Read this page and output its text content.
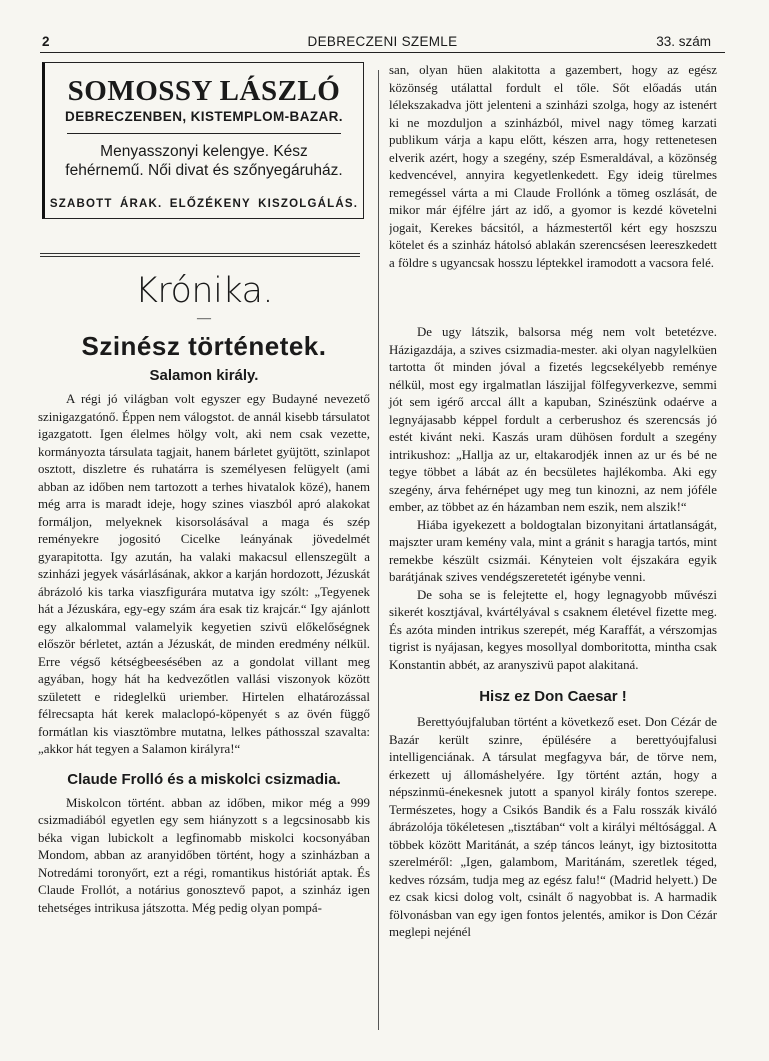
2	DEBRECZENI SZEMLE	33. szám
SOMOSSY LÁSZLÓ
DEBRECZENBEN, KISTEMPLOM-BAZAR.
Menyasszonyi kelengye. Kész fehérnemű. Női divat és szőnyegáruház.
SZABOTT ÁRAK. ELŐZÉKENY KISZOLGÁLÁS.
Krónika.
—
Szinész történetek.
Salamon király.

A régi jó világban volt egyszer egy Budayné nevezető szinigazgatónő. Éppen nem válogstot. de annál kisebb társulatot igazgatott. Igen élelmes hölgy volt, aki nem csak vezette, kormányozta társulata tagjait, hanem bárletet gyüjtött, szinlapot osztott, diszletre és ruhatárra is személyesen felügyelt (ami abban az időben nem tartozott a terhes hivatalok közé), hanem még arra is maradt ideje, hogy szines viaszból apró alakokat formáljon, melyeknek kisorsolásával a maga és szép reményekre jogositó Cicelke leányának jövedelmét gyarapitotta. Igy azután, ha valaki makacsul ellenszegült a szinházi jegyek vásárlásának, akkor a karján hordozott, Jézuskát ábrázoló kis tarka viaszfigurára mutatva igy szólt: „Tegyenek hát a Jézuskára, egy-egy szám ára esak tiz krajcár.“ Igy ajánlott egy alkalommal valamelyik kegyetien szivü előkelőségnek először bérletet, aztán a Jézuskát, de minden eredmény nélkül. Erre végső kétségbeesésében az a gondolat villant meg agyában, hogy hát ha kedvezőtlen vallási viszonyok között született e rideglelkü uriember. Hirtelen elhatározással félrecsapta hát kerek malaclopó-köpenyét s az övén függő formátlan kis viasztömbre mutatna, lelkes páthosszal szavalta: „akkor hát tegyen a Salamon királyra!“

Claude Frolló és a miskolci csizmadia.

Miskolcon történt. abban az időben, mikor még a 999 csizmadiából egyetlen egy sem hiányzott s a legcsinosabb kis béka vigan lubickolt a legfinomabb miskolci kocsonyában Mondom, abban az aranyidőben történt, hogy a szinházban a Notredámi toronyőrt, ezt a régi, romantikus históriát aptak. És Claude Frollót, a notárius gonosztevő papot, a szinház igen tehetséges intrikusa játszotta. Még pedig olyan pompá-

san, olyan hüen alakitotta a gazembert, hogy az egész közönség utálattal fordult el tőle. Sőt előadás után lélekszakadva jött jelenteni a szinházi szolga, hogy az istenért ki ne mozduljon a szinházból, mivel nagy tömeg karzati publikum várja a kapu előtt, készen arra, hogy rettenetesen elverik azért, hogy a szegény, szép Esmeraldával, a közönség kedvencével, annyira kegyetlenkedett. Egy ideig türelmes remegéssel várta a mi Claude Frollónk a tömeg oszlását, de mikor már éjfélre járt az idő, a gyomor is kezdé követelni jogait, Kerekes bácsitól, a házmestertől kért egy hoszszu kötelet és a szinház hátolsó ablakán szerencsésen leereszkedett a földre s ugyancsak hosszu léptekkel iramodott a vacsora felé.

De ugy látszik, balsorsa még nem volt betetézve. Házigazdája, a szives csizmadia-mester. aki olyan nagylelküen tartotta őt minden jóval a fizetés legcsekélyebb reménye nélkül, most egy irgalmatlan lászijjal fölfegyverkezve, semmi jót sem igérő arccal állt a kapuban, Szinészünk odaérve a legnyájasabb képpel fordult a cerberushoz és szerencsás jó estét kivánt neki. Kaszás uram dühösen fordult a szegény intrikushoz: „Hallja az ur, eltakarodjék innen az ur és bé ne tegye többet a lábát az én becsületes hajlékomba. Aki egy szegény, árva fehérnépet ugy meg tun kinozni, az nem jóféle ember, az többet az én házamban nem eszik, nem alszik!“

Hiába igyekezett a boldogtalan bizonyitani ártatlanságát, majszter uram kemény vala, mint a gránit s haragja tartós, mint remekbe készült csizmái. Kényteien volt éjszakára egyik barátjának szives vendégszeretetét igénybe venni.

De soha se is felejtette el, hogy legnagyobb művészi sikerét kosztjával, kvártélyával s csaknem életével fizette meg. És azóta minden intrikus szerepét, még Karaffát, a vérszomjas tigrist is nyájasan, kegyes mosollyal domboritotta, mintha csak Konstantin abbét, az aranyszivü papot alakitaná.

Hisz ez Don Caesar !

Berettyóujfaluban történt a következő eset. Don Cézár de Bazár került szinre, épülésére a berettyóujfalusi intelligenciának. A társulat megfagyva bár, de törve nem, érkezett uj állomáshelyére. Igy történt aztán, hogy a népszinmü-énekesnek jutott a spanyol király fontos szerepe. Természetes, hogy a Csikós Bandik és a Falu rosszák kiváló ábrázolója tökéletesen „tisztában“ volt a királyi méltósággal. A többek között Maritánát, a szép táncos leányt, igy biztositotta szerelméről: „Igen, galambom, Maritánám, szeretlek téged, kedves rózsám, tudja meg az egész falu!“ (Madrid helyett.) De ez csak kicsi dolog volt, csinált ő nagyobbat is. A harmadik fölvonásban van egy igen fontos jelentés, amikor is Don Cézár meglepi nejénél
